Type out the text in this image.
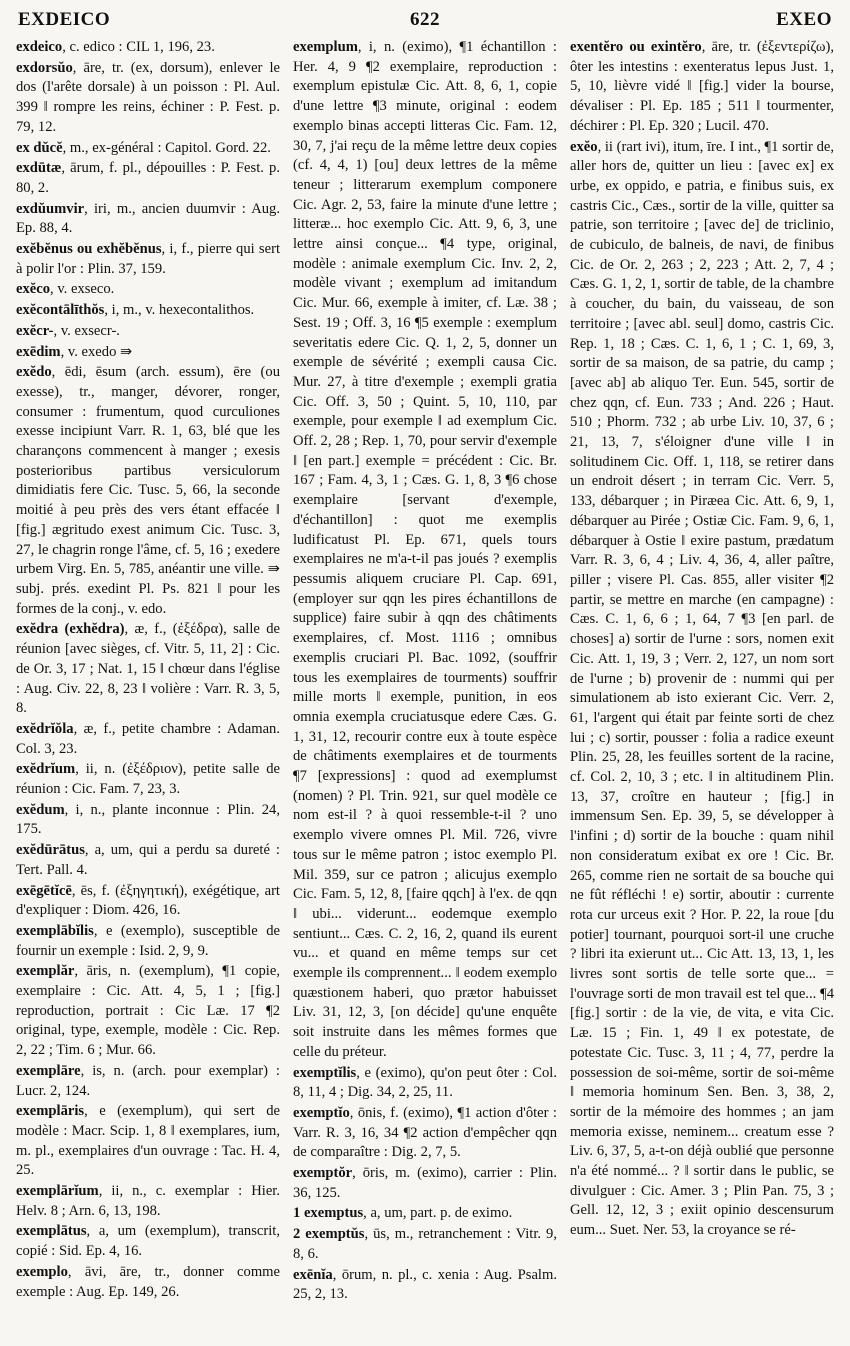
EXDEICO	622	EXEO

exdeico, c. edico : CIL 1, 196, 23.

exdorsŭo, āre, tr. (ex, dorsum), enlever le dos (l'arête dorsale) à un poisson : Pl. Aul. 399 ‖ rompre les reins, échiner : P. Fest. p. 79, 12.

ex dŭcĕ, m., ex-général : Capitol. Gord. 22.

exdūtæ, ārum, f. pl., dépouilles : P. Fest. p. 80, 2.

exdŭumvir, iri, m., ancien duumvir : Aug. Ep. 88, 4.

exĕbĕnus ou exhĕbĕnus, i, f., pierre qui sert à polir l'or : Plin. 37, 159.

exĕco, v. exseco.

exĕcontālīthŏs, i, m., v. hexecontalithos.

exĕcr-, v. exsecr-.

exēdim, v. exedo ⇛

exĕdo, ēdi, ēsum (arch. essum), ēre (ou exesse), tr., manger, dévorer, ronger, consumer : frumentum, quod curculiones exesse incipiunt Varr. R. 1, 63, blé que les charançons commencent à manger ; exesis posterioribus partibus versiculorum dimidiatis fere Cic. Tusc. 5, 66, la seconde moitié à peu près des vers étant effacée ‖ [fig.] ægritudo exest animum Cic. Tusc. 3, 27, le chagrin ronge l'âme, cf. 5, 16 ; exedere urbem Virg. En. 5, 785, anéantir une ville. ⇛ subj. prés. exedint Pl. Ps. 821 ‖ pour les formes de la conj., v. edo.

exĕdra (exhĕdra), æ, f., (ἐξέδρα), salle de réunion [avec sièges, cf. Vitr. 5, 11, 2] : Cic. de Or. 3, 17 ; Nat. 1, 15 ‖ chœur dans l'église : Aug. Civ. 22, 8, 23 ‖ volière : Varr. R. 3, 5, 8.

exĕdrĭŏla, æ, f., petite chambre : Adaman. Col. 3, 23.

exĕdrĭum, ii, n. (ἐξέδριον), petite salle de réunion : Cic. Fam. 7, 23, 3.

exĕdum, i, n., plante inconnue : Plin. 24, 175.

exĕdūrātus, a, um, qui a perdu sa dureté : Tert. Pall. 4.

exēgētĭcē, ēs, f. (ἐξηγητική), exégétique, art d'expliquer : Diom. 426, 16.

exemplābĭlis, e (exemplo), susceptible de fournir un exemple : Isid. 2, 9, 9.

exemplăr, āris, n. (exemplum), ¶1 copie, exemplaire : Cic. Att. 4, 5, 1 ; [fig.] reproduction, portrait : Cic Læ. 17 ¶2 original, type, exemple, modèle : Cic. Rep. 2, 22 ; Tim. 6 ; Mur. 66.

exemplāre, is, n. (arch. pour exemplar) : Lucr. 2, 124.

exemplāris, e (exemplum), qui sert de modèle : Macr. Scip. 1, 8 ‖ exemplares, ium, m. pl., exemplaires d'un ouvrage : Tac. H. 4, 25.

exemplārĭum, ii, n., c. exemplar : Hier. Helv. 8 ; Arn. 6, 13, 198.

exemplātus, a, um (exemplum), transcrit, copié : Sid. Ep. 4, 16.

exemplo, āvi, āre, tr., donner comme exemple : Aug. Ep. 149, 26.

exemplum, i, n. (eximo), ¶1 échantillon : Her. 4, 9 ¶2 exemplaire, reproduction : exemplum epistulæ Cic. Att. 8, 6, 1, copie d'une lettre ¶3 minute, original : eodem exemplo binas accepti litteras Cic. Fam. 12, 30, 7, j'ai reçu de la même lettre deux copies (cf. 4, 4, 1) [ou] deux lettres de la même teneur ; litterarum exemplum componere Cic. Agr. 2, 53, faire la minute d'une lettre ; litteræ... hoc exemplo Cic. Att. 9, 6, 3, une lettre ainsi conçue... ¶4 type, original, modèle : animale exemplum Cic. Inv. 2, 2, modèle vivant ; exemplum ad imitandum Cic. Mur. 66, exemple à imiter, cf. Læ. 38 ; Sest. 19 ; Off. 3, 16 ¶5 exemple : exemplum severitatis edere Cic. Q. 1, 2, 5, donner un exemple de sévérité ; exempli causa Cic. Mur. 27, à titre d'exemple ; exempli gratia Cic. Off. 3, 50 ; Quint. 5, 10, 110, par exemple, pour exemple ‖ ad exemplum Cic. Off. 2, 28 ; Rep. 1, 70, pour servir d'exemple ‖ [en part.] exemple = précédent : Cic. Br. 167 ; Fam. 4, 3, 1 ; Cæs. G. 1, 8, 3 ¶6 chose exemplaire [servant d'exemple, d'échantillon] : quot me exemplis ludificatust Pl. Ep. 671, quels tours exemplaires ne m'a-t-il pas joués ? exemplis pessumis aliquem cruciare Pl. Cap. 691, (employer sur qqn les pires échantillons de supplice) faire subir à qqn des châtiments exemplaires, cf. Most. 1116 ; omnibus exemplis cruciari Pl. Bac. 1092, (souffrir tous les exemplaires de tourments) souffrir mille morts ‖ exemple, punition, in eos omnia exempla cruciatusque edere Cæs. G. 1, 31, 12, recourir contre eux à toute espèce de châtiments exemplaires et de tourments ¶7 [expressions] : quod ad exemplumst (nomen) ? Pl. Trin. 921, sur quel modèle ce nom est-il ? à quoi ressemble-t-il ? uno exemplo vivere omnes Pl. Mil. 726, vivre tous sur le même patron ; istoc exemplo Pl. Mil. 359, sur ce patron ; alicujus exemplo Cic. Fam. 5, 12, 8, [faire qqch] à l'ex. de qqn ‖ ubi... viderunt... eodemque exemplo sentiunt... Cæs. C. 2, 16, 2, quand ils eurent vu... et quand en même temps sur cet exemple ils comprennent... ‖ eodem exemplo quæstionem haberi, quo prætor habuisset Liv. 31, 12, 3, [on décide] qu'une enquête soit instruite dans les mêmes formes que celle du préteur.

exemptĭlis, e (eximo), qu'on peut ôter : Col. 8, 11, 4 ; Dig. 34, 2, 25, 11.

exemptĭo, ōnis, f. (eximo), ¶1 action d'ôter : Varr. R. 3, 16, 34 ¶2 action d'empêcher qqn de comparaître : Dig. 2, 7, 5.

exemptŏr, ōris, m. (eximo), carrier : Plin. 36, 125.

1 exemptus, a, um, part. p. de eximo.

2 exemptŭs, ūs, m., retranchement : Vitr. 9, 8, 6.

exēnĭa, ōrum, n. pl., c. xenia : Aug. Psalm. 25, 2, 13.

exentĕro ou exintĕro, āre, tr. (ἐξεντερίζω), ôter les intestins : exenteratus lepus Just. 1, 5, 10, lièvre vidé ‖ [fig.] vider la bourse, dévaliser : Pl. Ep. 185 ; 511 ‖ tourmenter, déchirer : Pl. Ep. 320 ; Lucil. 470.

exĕo, ii (rart ivi), itum, īre. I int., ¶1 sortir de, aller hors de, quitter un lieu : [avec ex] ex urbe, ex oppido, e patria, e finibus suis, ex castris Cic., Cæs., sortir de la ville, quitter sa patrie, son territoire ; [avec de] de triclinio, de cubiculo, de balneis, de navi, de finibus Cic. de Or. 2, 263 ; 2, 223 ; Att. 2, 7, 4 ; Cæs. G. 1, 2, 1, sortir de table, de la chambre à coucher, du bain, du vaisseau, de son territoire ; [avec abl. seul] domo, castris Cic. Rep. 1, 18 ; Cæs. C. 1, 6, 1 ; C. 1, 69, 3, sortir de sa maison, de sa patrie, du camp ; [avec ab] ab aliquo Ter. Eun. 545, sortir de chez qqn, cf. Eun. 733 ; And. 226 ; Haut. 510 ; Phorm. 732 ; ab urbe Liv. 10, 37, 6 ; 21, 13, 7, s'éloigner d'une ville ‖ in solitudinem Cic. Off. 1, 118, se retirer dans un endroit désert ; in terram Cic. Verr. 5, 133, débarquer ; in Piræea Cic. Att. 6, 9, 1, débarquer au Pirée ; Ostiæ Cic. Fam. 9, 6, 1, débarquer à Ostie ‖ exire pastum, prædatum Varr. R. 3, 6, 4 ; Liv. 4, 36, 4, aller paître, piller ; visere Pl. Cas. 855, aller visiter ¶2 partir, se mettre en marche (en campagne) : Cæs. C. 1, 6, 6 ; 1, 64, 7 ¶3 [en parl. de choses] a) sortir de l'urne : sors, nomen exit Cic. Att. 1, 19, 3 ; Verr. 2, 127, un nom sort de l'urne ; b) provenir de : nummi qui per simulationem ab isto exierant Cic. Verr. 2, 61, l'argent qui était par feinte sorti de chez lui ; c) sortir, pousser : folia a radice exeunt Plin. 25, 28, les feuilles sortent de la racine, cf. Col. 2, 10, 3 ; etc. ‖ in altitudinem Plin. 13, 37, croître en hauteur ; [fig.] in immensum Sen. Ep. 39, 5, se développer à l'infini ; d) sortir de la bouche : quam nihil non consideratum exibat ex ore ! Cic. Br. 265, comme rien ne sortait de sa bouche qui ne fût réfléchi ! e) sortir, aboutir : currente rota cur urceus exit ? Hor. P. 22, la roue [du potier] tournant, pourquoi sort-il une cruche ? libri ita exierunt ut... Cic Att. 13, 13, 1, les livres sont sortis de telle sorte que... = l'ouvrage sorti de mon travail est tel que... ¶4 [fig.] sortir : de la vie, de vita, e vita Cic. Læ. 15 ; Fin. 1, 49 ‖ ex potestate, de potestate Cic. Tusc. 3, 11 ; 4, 77, perdre la possession de soi-même, sortir de soi-même ‖ memoria hominum Sen. Ben. 3, 38, 2, sortir de la mémoire des hommes ; an jam memoria exisse, neminem... creatum esse ? Liv. 6, 37, 5, a-t-on déjà oublié que personne n'a été nommé... ? ‖ sortir dans le public, se divulguer : Cic. Amer. 3 ; Plin Pan. 75, 3 ; Gell. 12, 12, 3 ; exiit opinio descensurum eum... Suet. Ner. 53, la croyance se ré-
